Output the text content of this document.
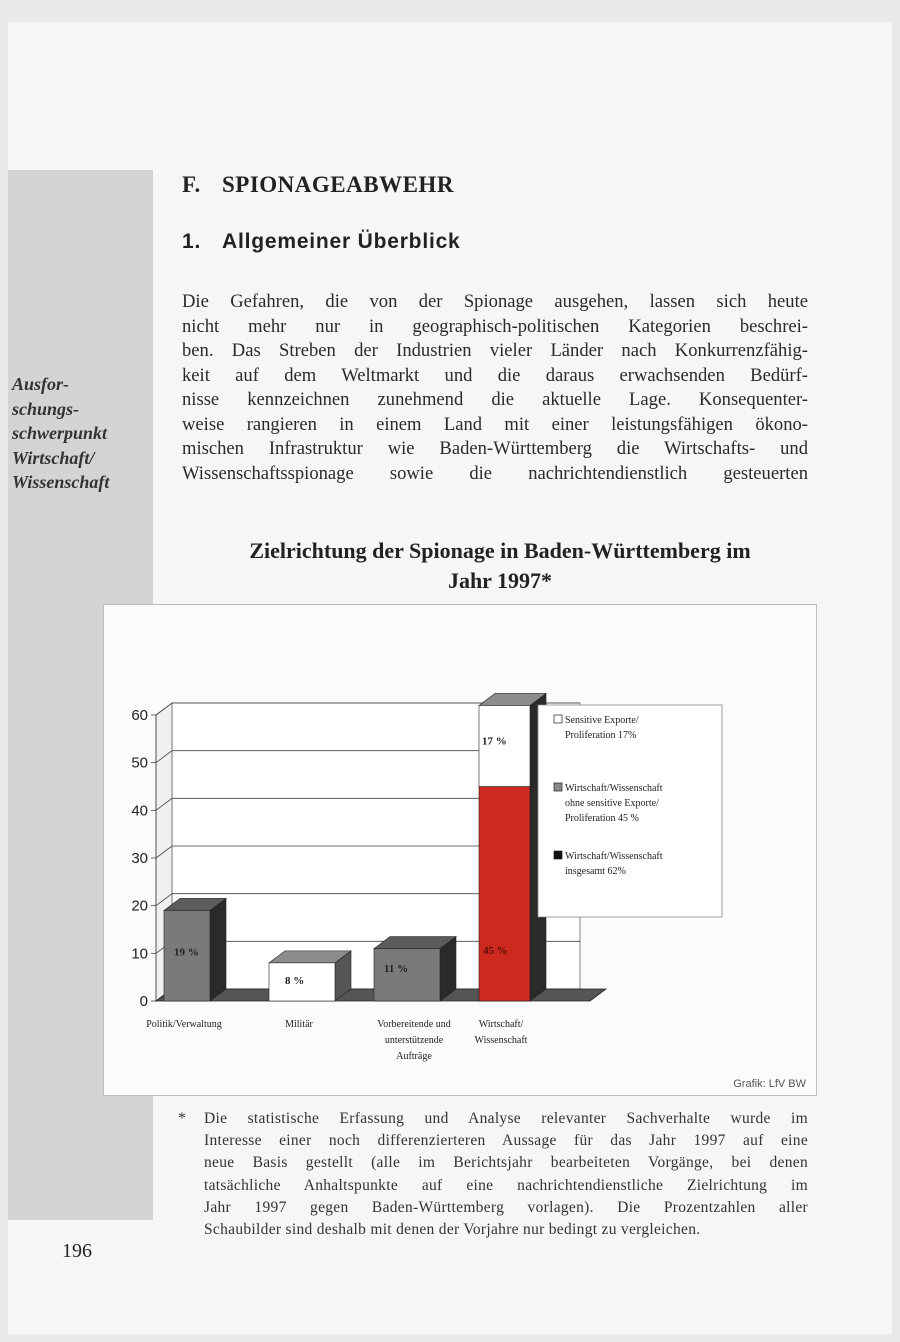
F. SPIONAGEABWEHR
1. Allgemeiner Überblick
Ausfor-
schungs-
schwerpunkt
Wirtschaft/
Wissenschaft
Die Gefahren, die von der Spionage ausgehen, lassen sich heute
nicht mehr nur in geographisch-politischen Kategorien beschrei-
ben. Das Streben der Industrien vieler Länder nach Konkurrenzfähig-
keit auf dem Weltmarkt und die daraus erwachsenden Bedürf-
nisse kennzeichnen zunehmend die aktuelle Lage. Konsequenter-
weise rangieren in einem Land mit einer leistungsfähigen ökono-
mischen Infrastruktur wie Baden-Württemberg die Wirtschafts- und
Wissenschaftsspionage sowie die nachrichtendienstlich gesteuerten
Zielrichtung der Spionage in Baden-Württemberg im
Jahr 1997*
0
10
20
30
40
50
60
19 %
8 %
11 %
45 %
17 %
Politik/Verwaltung	Militär	Vorbereitende und
unterstützende
Aufträge
Wirtschaft/
Wissenschaft
Sensitive Exporte/
Proliferation 17%
Wirtschaft/Wissenschaft
ohne sensitive Exporte/
Proliferation 45 %
Wirtschaft/Wissenschaft
insgesamt 62%
Grafik: LfV BW
* Die statistische Erfassung und Analyse relevanter Sachverhalte wurde im
Interesse einer noch differenzierteren Aussage für das Jahr 1997 auf eine
neue Basis gestellt (alle im Berichtsjahr bearbeiteten Vorgänge, bei denen
tatsächliche Anhaltspunkte auf eine nachrichtendienstliche Zielrichtung im
Jahr 1997 gegen Baden-Württemberg vorlagen). Die Prozentzahlen aller
Schaubilder sind deshalb mit denen der Vorjahre nur bedingt zu vergleichen.
196
